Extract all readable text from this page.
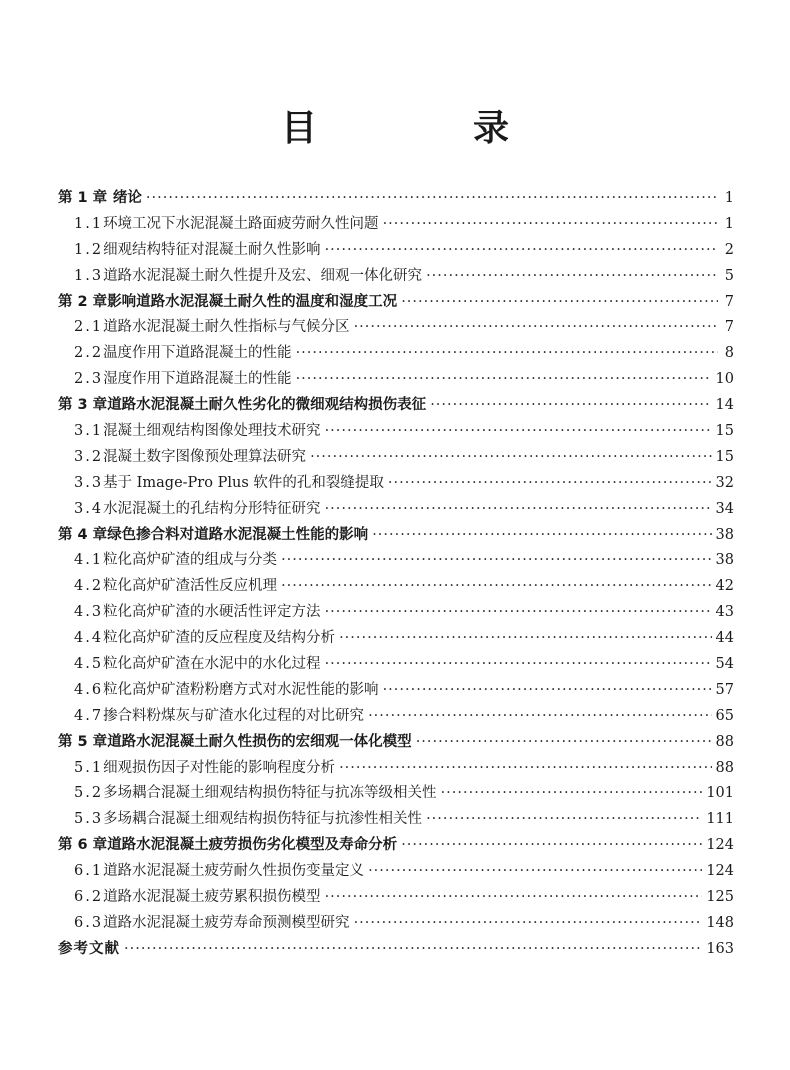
目　录
第 1 章 绪论 ·····	1
1.1 环境工况下水泥混凝土路面疲劳耐久性问题 ·····	1
1.2 细观结构特征对混凝土耐久性影响 ·····	2
1.3 道路水泥混凝土耐久性提升及宏、细观一体化研究 ·····	5
第 2 章 影响道路水泥混凝土耐久性的温度和湿度工况 ·····	7
2.1 道路水泥混凝土耐久性指标与气候分区 ·····	7
2.2 温度作用下道路混凝土的性能 ·····	8
2.3 湿度作用下道路混凝土的性能 ·····	10
第 3 章 道路水泥混凝土耐久性劣化的微细观结构损伤表征 ·····	14
3.1 混凝土细观结构图像处理技术研究 ·····	15
3.2 混凝土数字图像预处理算法研究 ·····	15
3.3 基于 Image-Pro Plus 软件的孔和裂缝提取 ·····	32
3.4 水泥混凝土的孔结构分形特征研究 ·····	34
第 4 章 绿色掺合料对道路水泥混凝土性能的影响 ·····	38
4.1 粒化高炉矿渣的组成与分类 ·····	38
4.2 粒化高炉矿渣活性反应机理 ·····	42
4.3 粒化高炉矿渣的水硬活性评定方法 ·····	43
4.4 粒化高炉矿渣的反应程度及结构分析 ·····	44
4.5 粒化高炉矿渣在水泥中的水化过程 ·····	54
4.6 粒化高炉矿渣粉粉磨方式对水泥性能的影响 ·····	57
4.7 掺合料粉煤灰与矿渣水化过程的对比研究 ·····	65
第 5 章 道路水泥混凝土耐久性损伤的宏细观一体化模型 ·····	88
5.1 细观损伤因子对性能的影响程度分析 ·····	88
5.2 多场耦合混凝土细观结构损伤特征与抗冻等级相关性 ·····	101
5.3 多场耦合混凝土细观结构损伤特征与抗渗性相关性 ·····	111
第 6 章 道路水泥混凝土疲劳损伤劣化模型及寿命分析 ·····	124
6.1 道路水泥混凝土疲劳耐久性损伤变量定义 ·····	124
6.2 道路水泥混凝土疲劳累积损伤模型 ·····	125
6.3 道路水泥混凝土疲劳寿命预测模型研究 ·····	148
参考文献 ·····	163
